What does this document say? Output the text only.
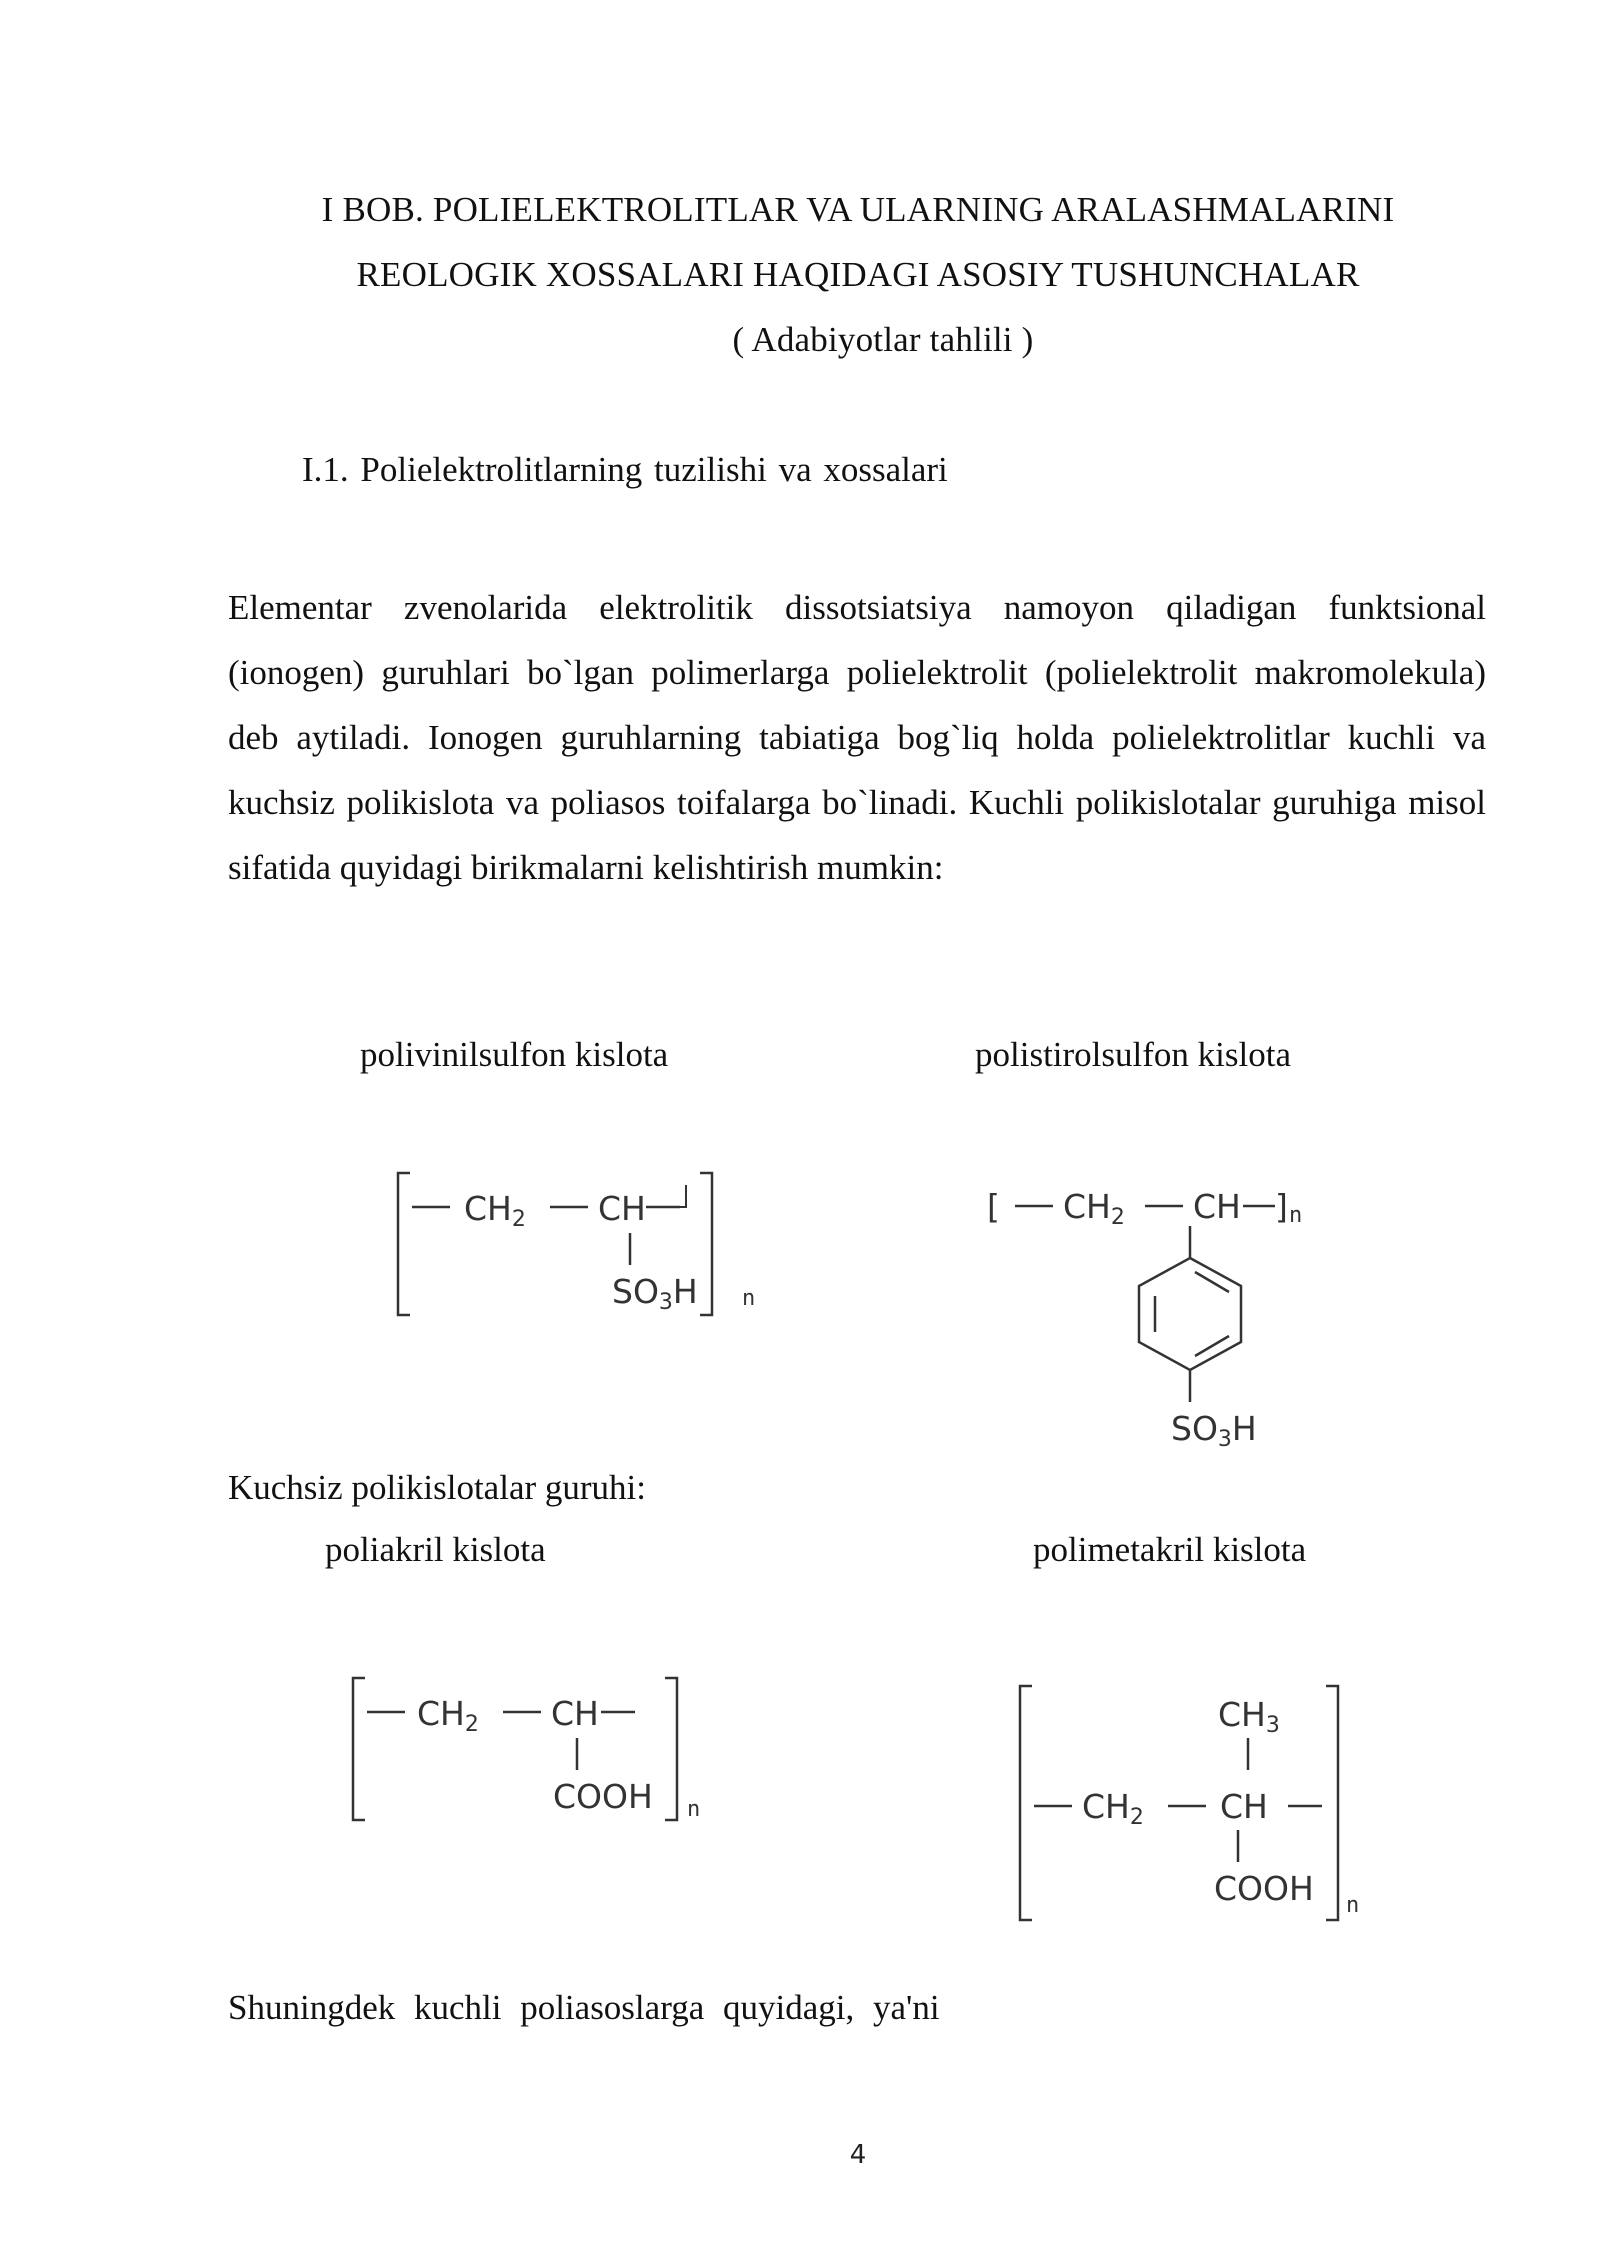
I BOB. POLIELEKTROLITLAR VA ULARNING ARALASHMALARINI
REOLOGIK XOSSALARI HAQIDAGI ASOSIY TUSHUNCHALAR
( Adabiyotlar tahlili )
I.1. Polielektrolitlarning tuzilishi va xossalari
Elementar zvenolarida elektrolitik dissotsiatsiya namoyon qiladigan funktsional (ionogen) guruhlari bo`lgan polimerlarga polielektrolit (polielektrolit makromolekula) deb aytiladi. Ionogen guruhlarning tabiatiga bog`liq holda polielektrolitlar kuchli va kuchsiz polikislota va poliasos toifalarga bo`linadi. Kuchli polikislotalar guruhiga misol sifatida quyidagi birikmalarni kelishtirish mumkin:
polivinilsulfon kislota	polistirolsulfon kislota
CH2 CH
SO3H n
[ CH2 CH ] n
SO3H
Kuchsiz polikislotalar guruhi:
poliakril kislota	polimetakril kislota
CH2 CH
COOH n
CH3
CH2 CH
COOH n
Shuningdek kuchli poliasoslarga quyidagi, ya'ni
4
